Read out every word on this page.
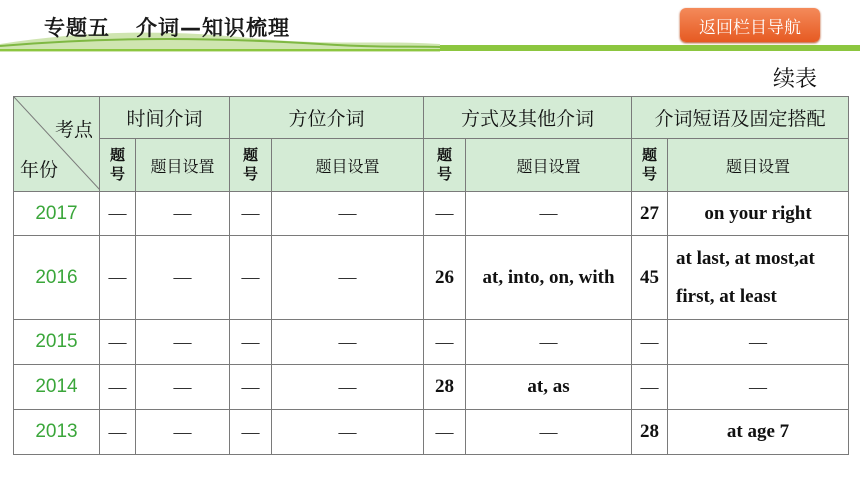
专题五 介词—知识梳理	返回栏目导航
续表
考点
年份	时间介词		方位介词		方式及其他介词		介词短语及固定搭配	

	题号	题目设置	题号	题目设置	题号	题目设置	题号	题目设置
2017	—	—	—	—	—	—	27	on your right
2016	—	—	—	—	26	at, into, on, with	45	at last, at most,at first, at least
2015	—	—	—	—	—	—	—	—
2014	—	—	—	—	28	at, as	—	—
2013	—	—	—	—	—	—	28	at age 7
